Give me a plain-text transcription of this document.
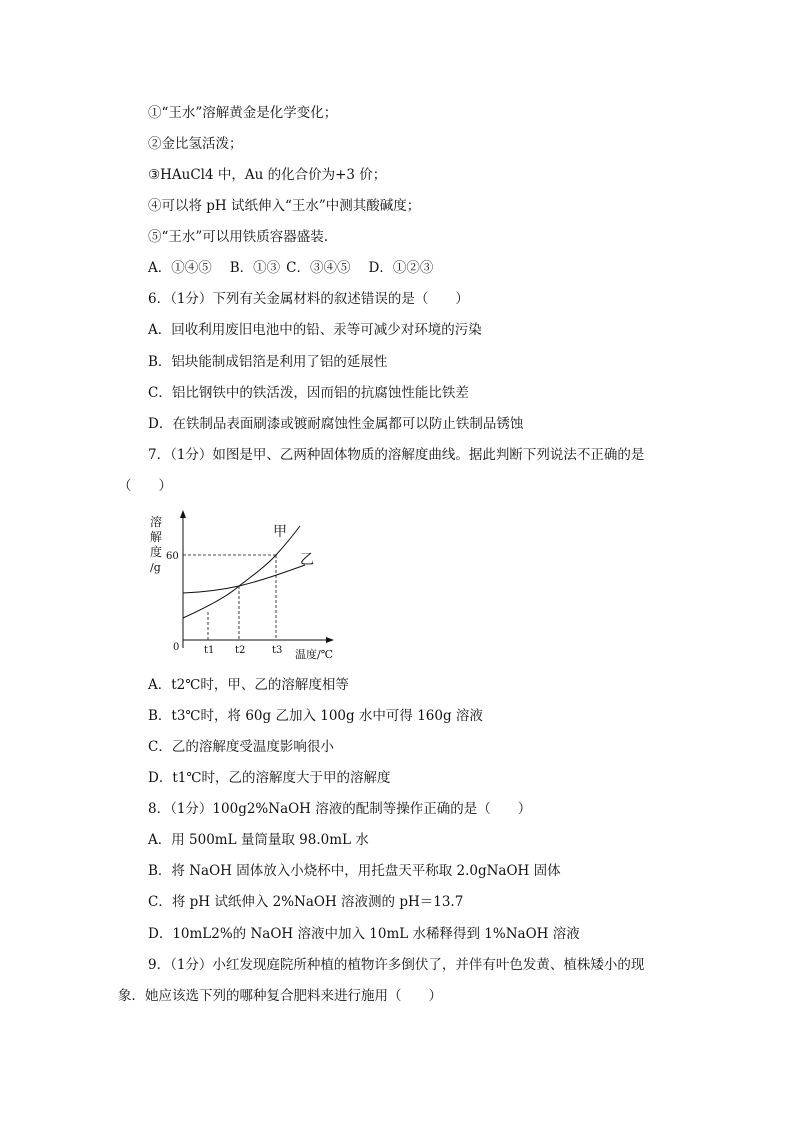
①“王水”溶解黄金是化学变化；
②金比氢活泼；
③HAuCl4 中，Au 的化合价为+3 价；
④可以将 pH 试纸伸入“王水”中测其酸碱度；
⑤“王水”可以用铁质容器盛装.
A．①④⑤ B．①③ C．③④⑤ D．①②③
6．（1分）下列有关金属材料的叙述错误的是（　　）
A．回收利用废旧电池中的铅、汞等可减少对环境的污染
B．铝块能制成铝箔是利用了铝的延展性
C．铝比钢铁中的铁活泼，因而铝的抗腐蚀性能比铁差
D．在铁制品表面刷漆或镀耐腐蚀性金属都可以防止铁制品锈蚀
7．（1分）如图是甲、乙两种固体物质的溶解度曲线。据此判断下列说法不正确的是
（　　）
溶
解
度
/g
60
甲
乙
0 t1 t2	t3 温度/℃
A．t2℃时，甲、乙的溶解度相等
B．t3℃时，将 60g 乙加入 100g 水中可得 160g 溶液
C．乙的溶解度受温度影响很小
D．t1℃时，乙的溶解度大于甲的溶解度
8．（1分）100g2%NaOH 溶液的配制等操作正确的是（　　）
A．用 500mL 量筒量取 98.0mL 水
B．将 NaOH 固体放入小烧杯中，用托盘天平称取 2.0gNaOH 固体
C．将 pH 试纸伸入 2%NaOH 溶液测的 pH＝13.7
D．10mL2%的 NaOH 溶液中加入 10mL 水稀释得到 1%NaOH 溶液
9．（1分）小红发现庭院所种植的植物许多倒伏了，并伴有叶色发黄、植株矮小的现
象．她应该选下列的哪种复合肥料来进行施用（　　）
